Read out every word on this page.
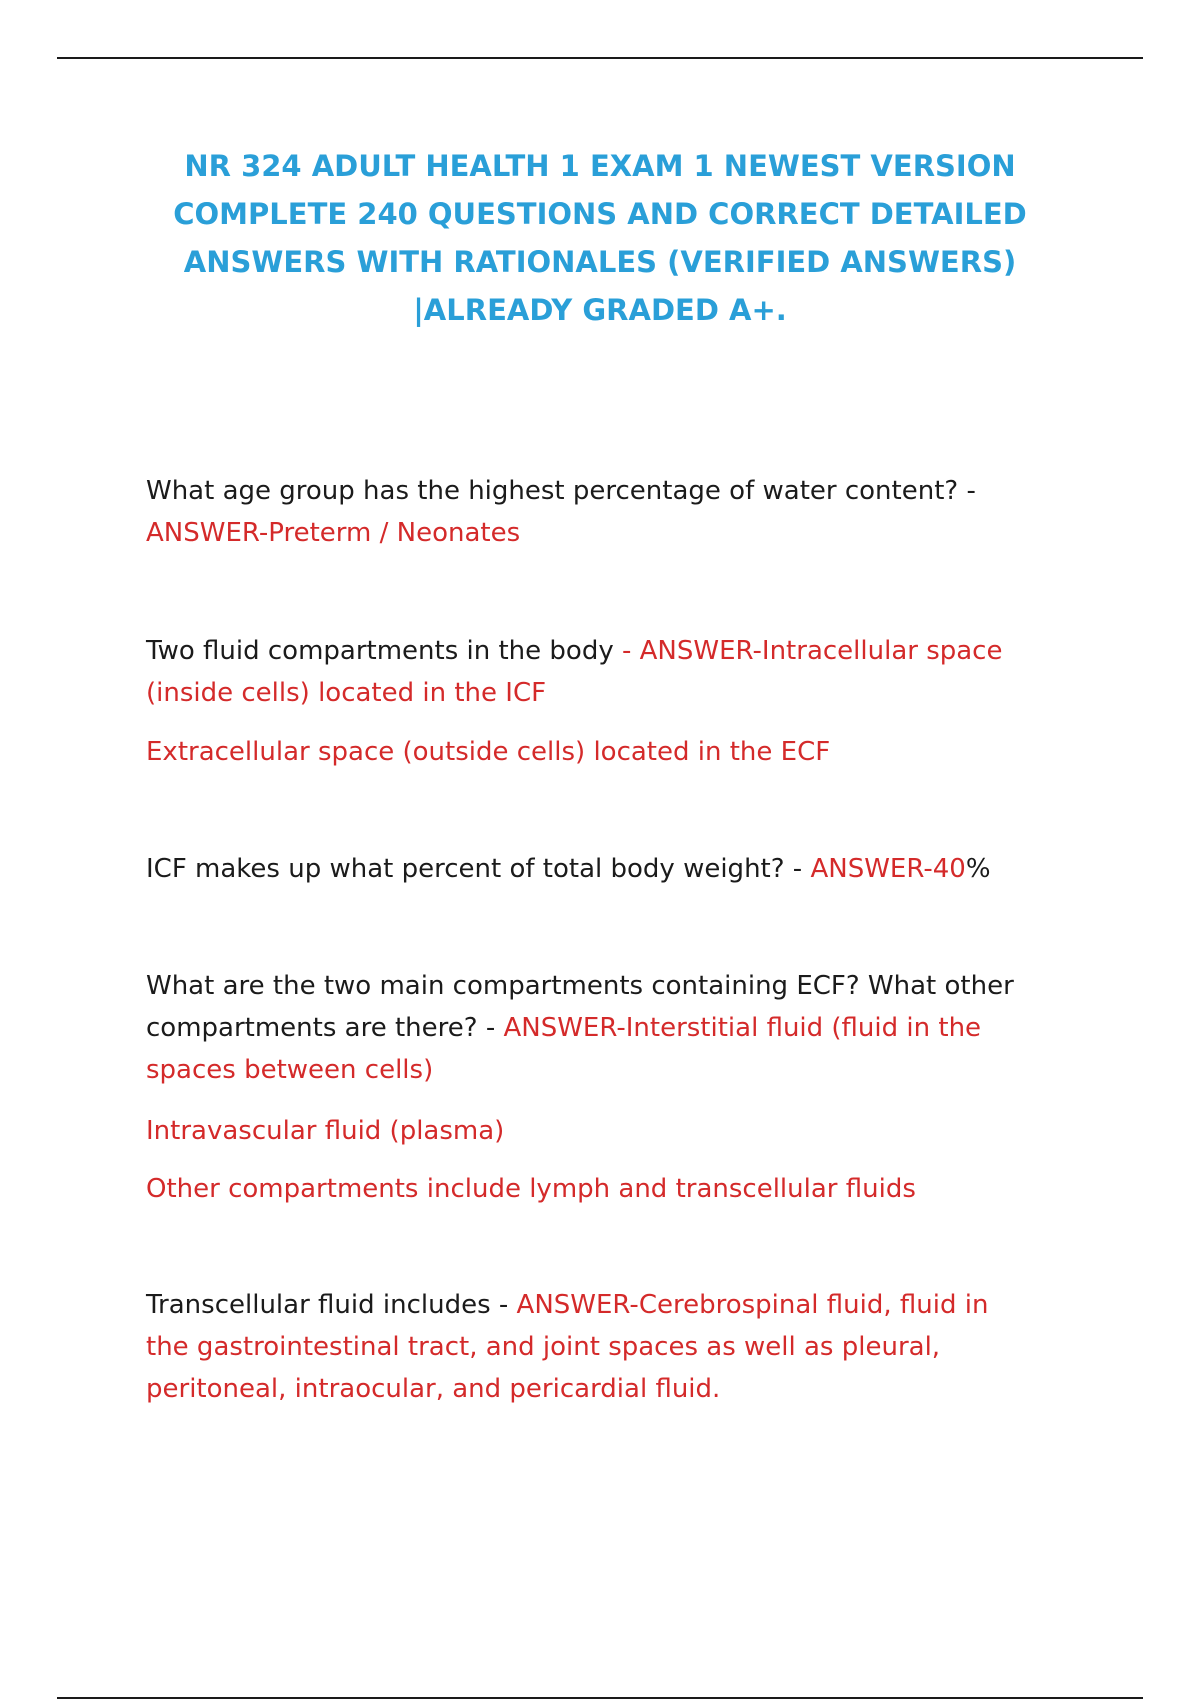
NR 324 ADULT HEALTH 1 EXAM 1 NEWEST VERSION
COMPLETE 240 QUESTIONS AND CORRECT DETAILED
ANSWERS WITH RATIONALES (VERIFIED ANSWERS)
|ALREADY GRADED A+.
What age group has the highest percentage of water content? -
ANSWER-Preterm / Neonates
Two fluid compartments in the body - ANSWER-Intracellular space
(inside cells) located in the ICF
Extracellular space (outside cells) located in the ECF
ICF makes up what percent of total body weight? - ANSWER-40%
What are the two main compartments containing ECF? What other
compartments are there? - ANSWER-Interstitial fluid (fluid in the
spaces between cells)
Intravascular fluid (plasma)
Other compartments include lymph and transcellular fluids
Transcellular fluid includes - ANSWER-Cerebrospinal fluid, fluid in
the gastrointestinal tract, and joint spaces as well as pleural,
peritoneal, intraocular, and pericardial fluid.
